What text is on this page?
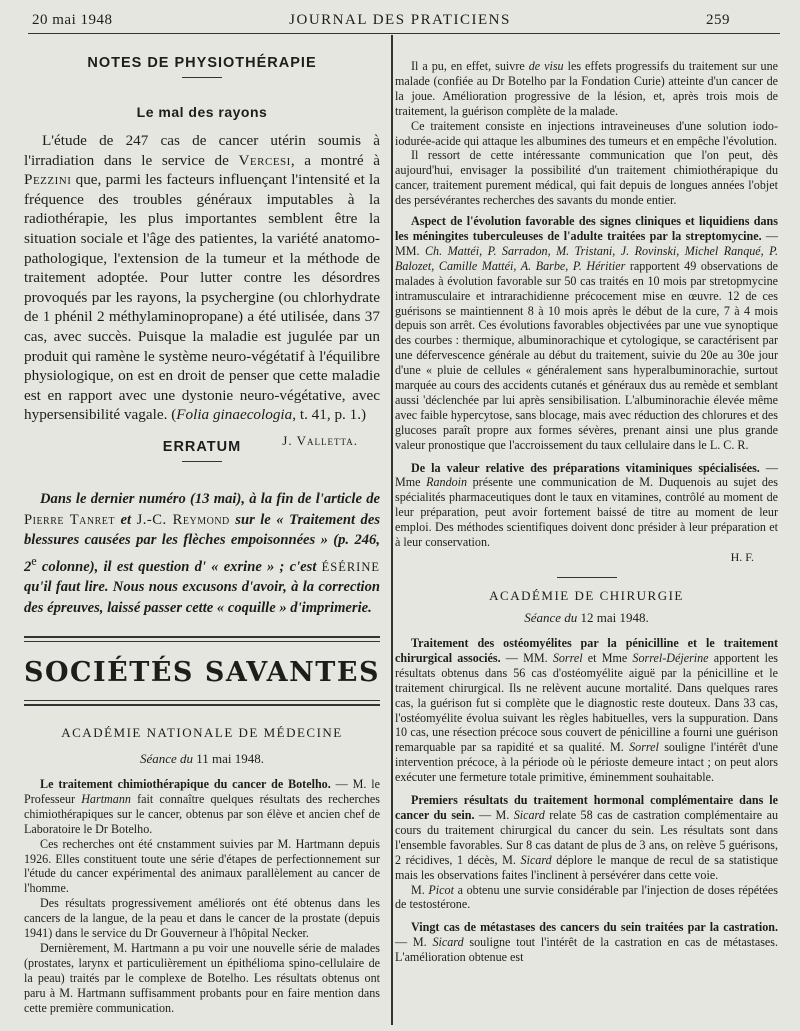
20 mai 1948	JOURNAL DES PRATICIENS	259
NOTES DE PHYSIOTHÉRAPIE
Le mal des rayons

L'étude de 247 cas de cancer utérin soumis à l'irradiation dans le service de Vercesi, a montré à Pezzini que, parmi les facteurs influençant l'intensité et la fréquence des troubles généraux imputables à la radiothérapie, les plus importantes semblent être la situation sociale et l'âge des patientes, la variété anatomo-pathologique, l'extension de la tumeur et la méthode de traitement adoptée. Pour lutter contre les désordres provoqués par les rayons, la psychergine (ou chlorhydrate de 1 phénil 2 méthylaminopropane) a été utilisée, dans 37 cas, avec succès. Puisque la maladie est jugulée par un produit qui ramène le système neuro-végétatif à l'équilibre physiologique, on est en droit de penser que cette maladie est en rapport avec une dystonie neuro-végétative, avec hypersensibilité vagale. (Folia ginaecologia, t. 41, p. 1.)

J. Valletta.
ERRATUM

Dans le dernier numéro (13 mai), à la fin de l'article de Pierre Tanret et J.-C. Reymond sur le « Traitement des blessures causées par les flèches empoisonnées » (p. 246, 2e colonne), il est question d' « exrine » ; c'est ÉSÉRINE qu'il faut lire. Nous nous excusons d'avoir, à la correction des épreuves, laissé passer cette « coquille » d'imprimerie.

SOCIÉTÉS SAVANTES
ACADÉMIE NATIONALE DE MÉDECINE
Séance du 11 mai 1948.

Le traitement chimiothérapique du cancer de Botelho. — M. le Professeur Hartmann fait connaître quelques résultats des recherches chimiothérapiques sur le cancer, obtenus par son élève et ancien chef de Laboratoire le Dr Botelho.

Ces recherches ont été cnstamment suivies par M. Hartmann depuis 1926. Elles constituent toute une série d'étapes de perfectionnement sur l'étude du cancer expérimental des animaux parallèlement au cancer de l'homme.

Des résultats progressivement améliorés ont été obtenus dans les cancers de la langue, de la peau et dans le cancer de la prostate (depuis 1941) dans le service du Dr Gouverneur à l'hôpital Necker.

Dernièrement, M. Hartmann a pu voir une nouvelle série de malades (prostates, larynx et particulièrement un épithélioma spino-cellulaire de la peau) traités par le complexe de Botelho. Les résultats obtenus ont paru à M. Hartmann suffisamment probants pour en faire mention dans cette première communication.

Il a pu, en effet, suivre de visu les effets progressifs du traitement sur une malade (confiée au Dr Botelho par la Fondation Curie) atteinte d'un cancer de la joue. Amélioration progressive de la lésion, et, après trois mois de traitement, la guérison complète de la malade.

Ce traitement consiste en injections intraveineuses d'une solution iodo-iodurée-acide qui attaque les albumines des tumeurs et en empêche l'évolution.

Il ressort de cette intéressante communication que l'on peut, dès aujourd'hui, envisager la possibilité d'un traitement chimiothérapique du cancer, traitement purement médical, qui fait depuis de longues années l'objet des persévérantes recherches des savants du monde entier.

Aspect de l'évolution favorable des signes cliniques et liquidiens dans les méningites tuberculeuses de l'adulte traitées par la streptomycine. — MM. Ch. Mattéi, P. Sarradon, M. Tristani, J. Rovinski, Michel Ranqué, P. Balozet, Camille Mattéi, A. Barbe, P. Héritier rapportent 49 observations de malades à évolution favorable sur 50 cas traités en 10 mois par stretopmycine intramusculaire et intrarachidienne précocement mise en œuvre. 12 de ces guérisons se maintiennent 8 à 10 mois après le début de la cure, 7 à 4 mois depuis son arrêt. Ces évolutions favorables objectivées par une vue synoptique des courbes : thermique, albuminorachique et cytologique, se caractérisent par une défervescence générale au début du traitement, suivie du 20e au 30e jour d'une « pluie de cellules « généralement sans hyperalbuminorachie, surtout marquée au cours des accidents cutanés et généraux dus au remède et semblant aussi 'déclenchée par lui après sensibilisation. L'albuminorachie élevée même avec faible hypercytose, sans blocage, mais avec réduction des chlorures et des glucoses paraît propre aux formes sévères, prenant ainsi une plus grande valeur pronostique que l'accroissement du taux cellulaire dans le L. C. R.

De la valeur relative des préparations vitaminiques spécialisées. — Mme Randoin présente une communication de M. Duquenois au sujet des spécialités pharmaceutiques dont le taux en vitamines, contrôlé au moment de leur préparation, peut avoir fortement baissé de titre au moment de leur emploi. Des méthodes scientifiques doivent donc présider à leur préparation et à leur conservation.

H. F.
ACADÉMIE DE CHIRURGIE
Séance du 12 mai 1948.

Traitement des ostéomyélites par la pénicilline et le traitement chirurgical associés. — MM. Sorrel et Mme Sorrel-Déjerine apportent les résultats obtenus dans 56 cas d'ostéomyélite aiguë par la pénicilline et le traitement chirurgical. Ils ne relèvent aucune mortalité. Dans quelques rares cas, la guérison fut si complète que le diagnostic reste douteux. Dans 33 cas, l'ostéomyélite évolua suivant les règles habituelles, vers la suppuration. Dans 10 cas, une résection précoce sous couvert de pénicilline a fourni une guérison remarquable par sa rapidité et sa qualité. M. Sorrel souligne l'intérêt d'une intervention précoce, à la période où le périoste demeure intact ; on peut alors exécuter une fermeture totale primitive, éminemment souhaitable.

Premiers résultats du traitement hormonal complémentaire dans le cancer du sein. — M. Sicard relate 58 cas de castration complémentaire au cours du traitement chirurgical du cancer du sein. Les résultats sont dans l'ensemble favorables. Sur 8 cas datant de plus de 3 ans, on relève 5 guérisons, 2 récidives, 1 décès, M. Sicard déplore le manque de recul de sa statistique mais les observations faites l'inclinent à persévérer dans cette voie.

M. Picot a obtenu une survie considérable par l'injection de doses répétées de testostérone.

Vingt cas de métastases des cancers du sein traitées par la castration. — M. Sicard souligne tout l'intérêt de la castration en cas de métastases. L'amélioration obtenue est
